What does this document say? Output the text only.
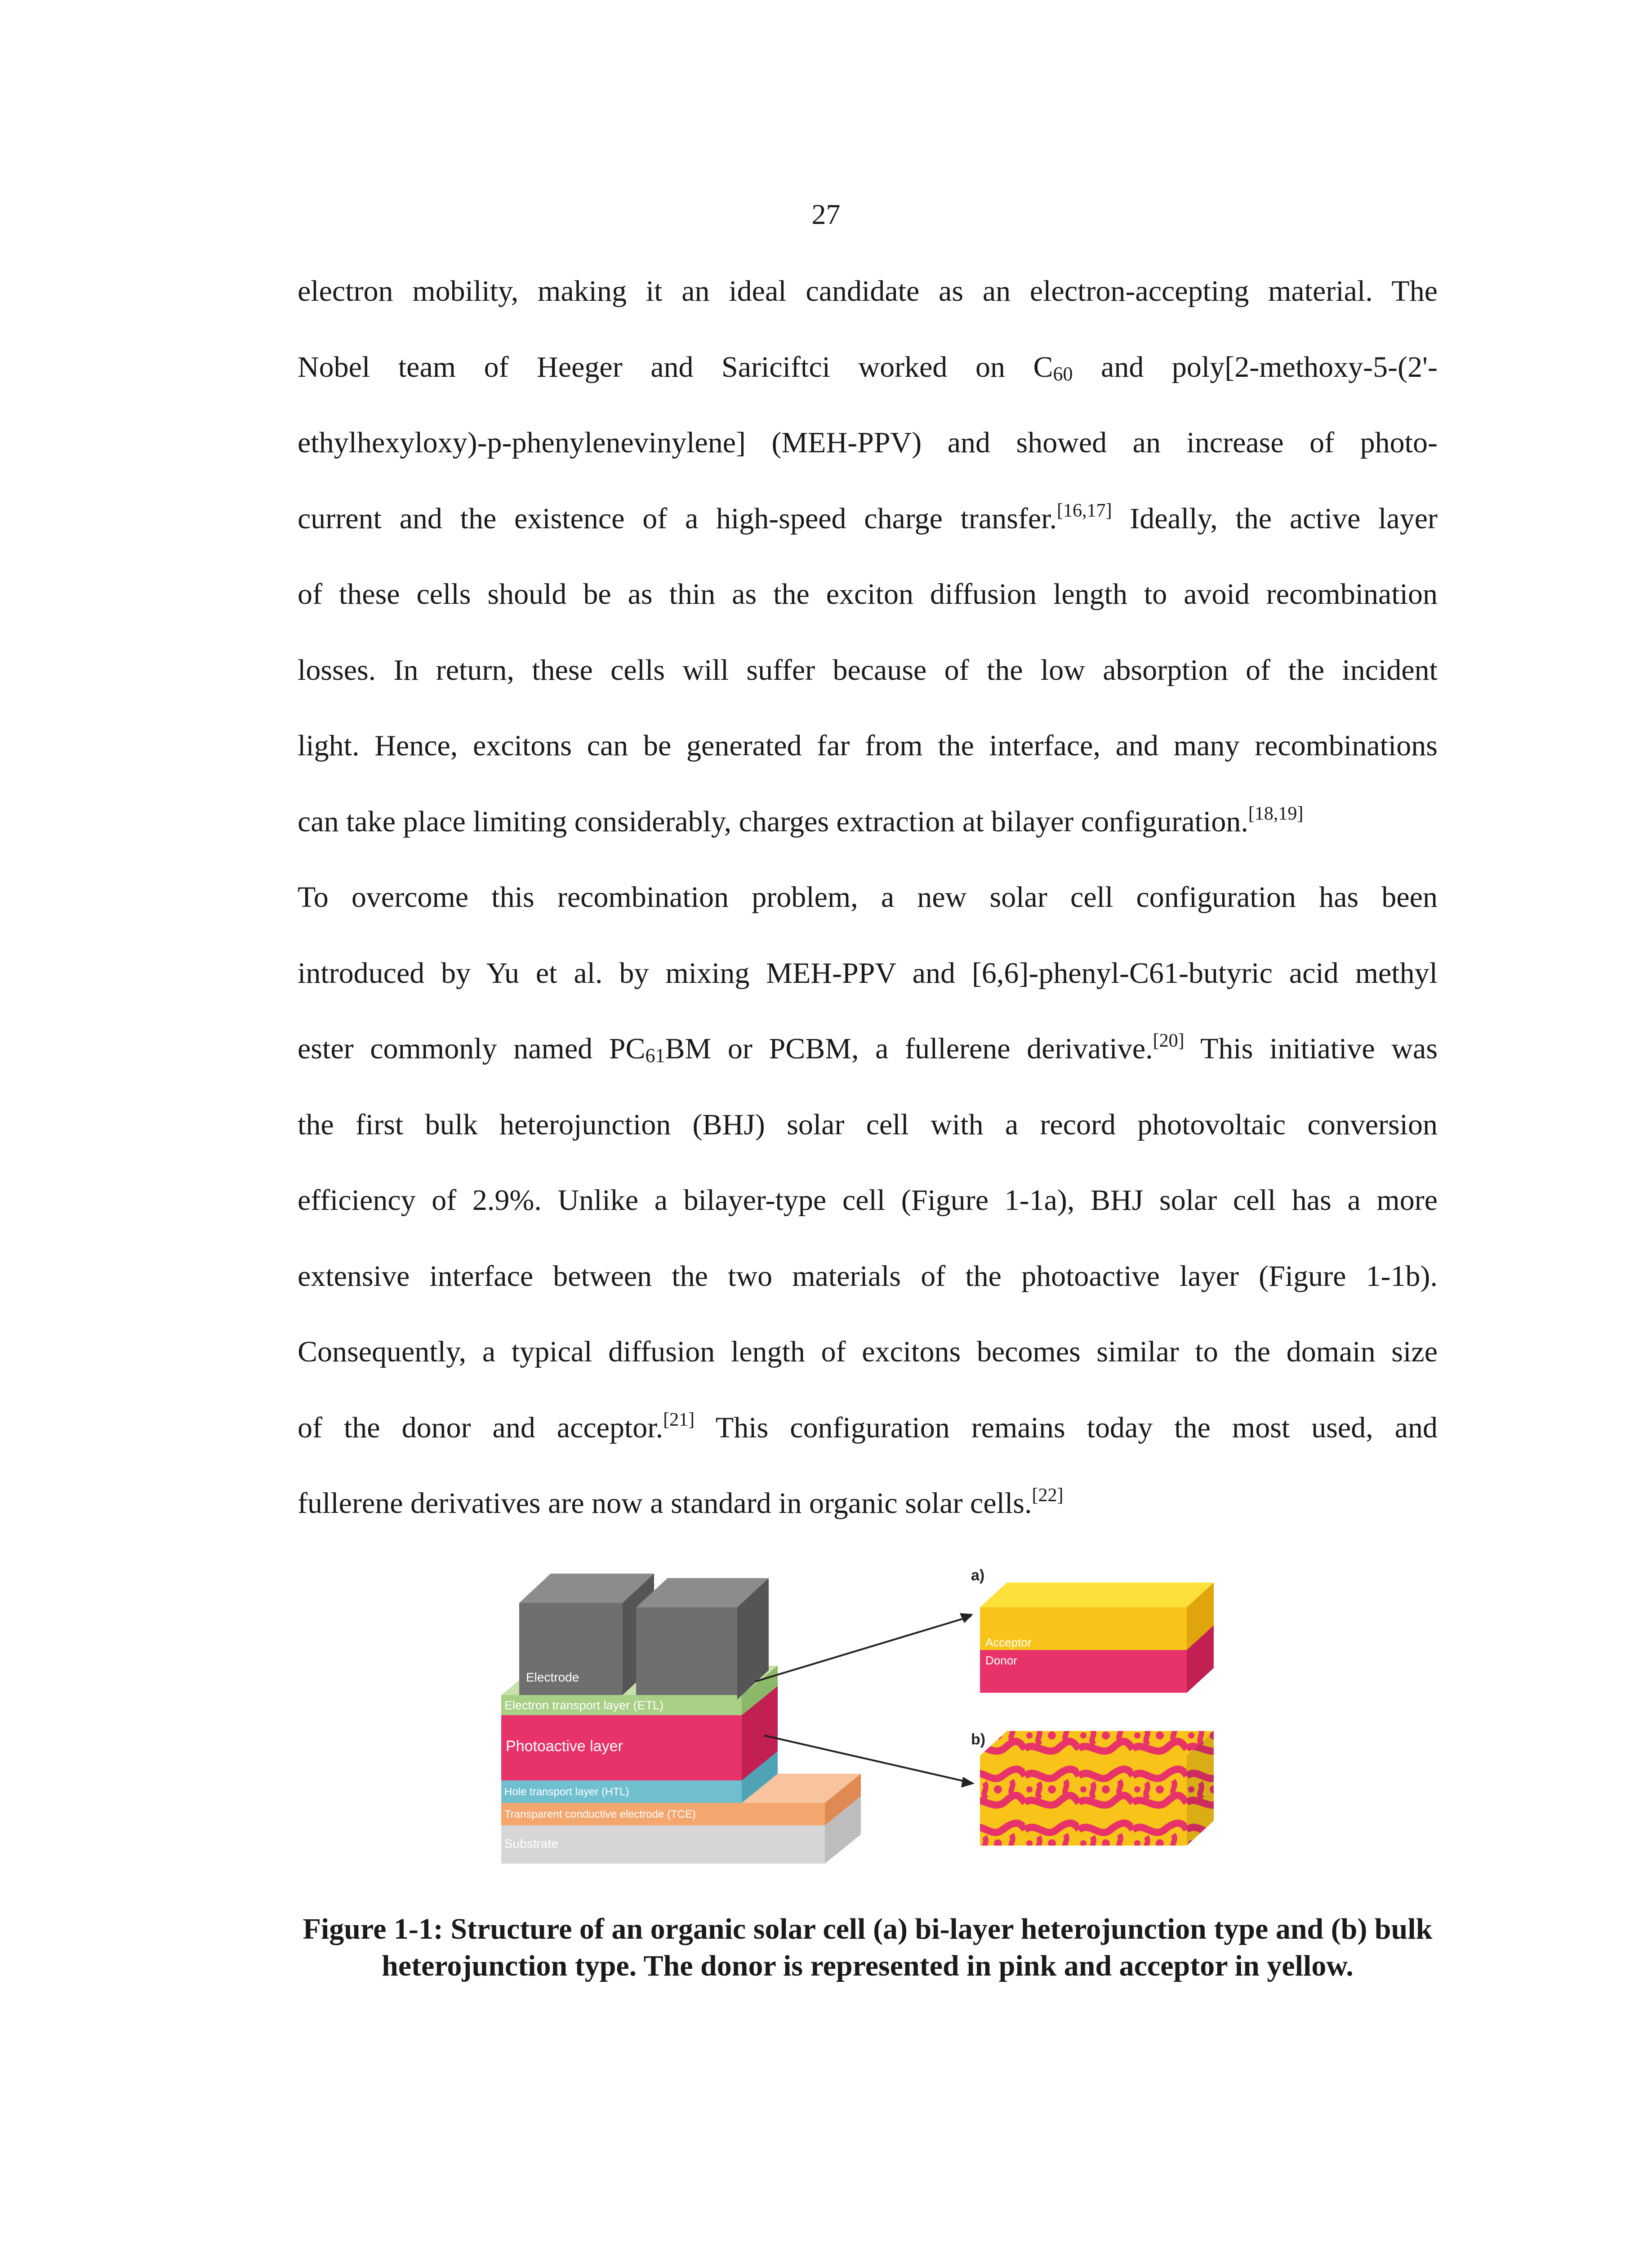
27
electron mobility, making it an ideal candidate as an electron-accepting material. The
Nobel team of Heeger and Sariciftci worked on $C_{60}$ and poly[2-methoxy-5-(2'-
ethylhexyloxy)-p-phenylenevinylene] (MEH-PPV) and showed an increase of photo-
current and the existence of a high-speed charge transfer.[16,17] Ideally, the active layer
of these cells should be as thin as the exciton diffusion length to avoid recombination
losses. In return, these cells will suffer because of the low absorption of the incident
light. Hence, excitons can be generated far from the interface, and many recombinations
can take place limiting considerably, charges extraction at bilayer configuration.[18,19]
To overcome this recombination problem, a new solar cell configuration has been
introduced by Yu et al. by mixing MEH-PPV and [6,6]-phenyl-C61-butyric acid methyl
ester commonly named $PC_{61}BM$ or PCBM, a fullerene derivative.[20] This initiative was
the first bulk heterojunction (BHJ) solar cell with a record photovoltaic conversion
efficiency of 2.9%. Unlike a bilayer-type cell (Figure 1-1a), BHJ solar cell has a more
extensive interface between the two materials of the photoactive layer (Figure 1-1b).
Consequently, a typical diffusion length of excitons becomes similar to the domain size
of the donor and acceptor.[21] This configuration remains today the most used, and
fullerene derivatives are now a standard in organic solar cells.[22]
Electrode
Electron transport layer (ETL)
Photoactive layer
Hole transport layer (HTL)
Transparent conductive electrode (TCE)
Substrate
a)
Acceptor
Donor
b)

Figure 1-1: Structure of an organic solar cell (a) bi-layer heterojunction type and (b) bulk heterojunction type. The donor is represented in pink and acceptor in yellow.
